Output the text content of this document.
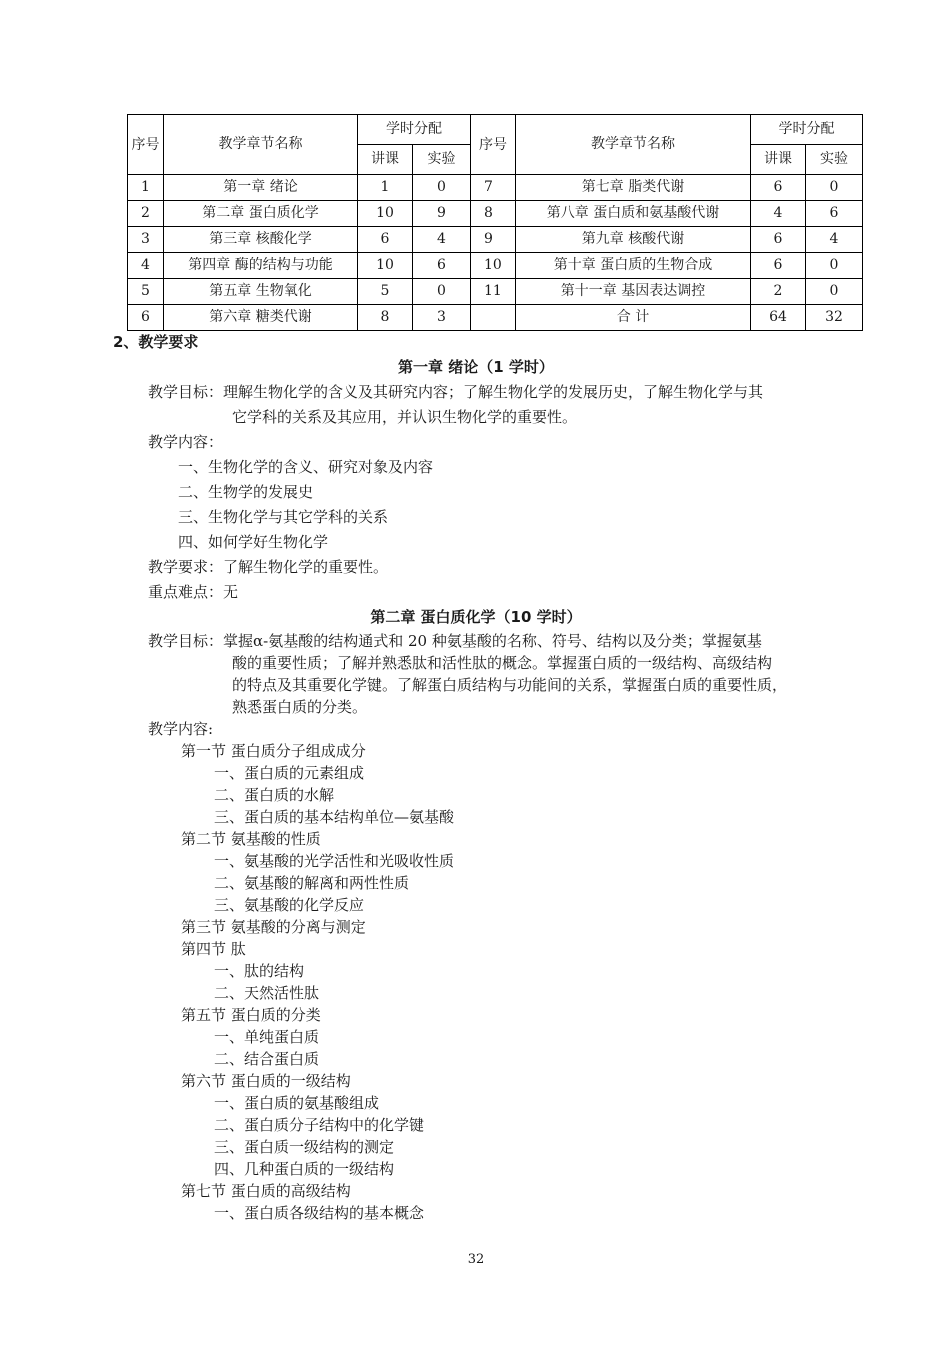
序号	教学章节名称	学时分配		序号	教学章节名称	学时分配	
		讲课	实验			讲课	实验
1	第一章 绪论	1	0	7	第七章 脂类代谢	6	0
2	第二章 蛋白质化学	10	9	8	第八章 蛋白质和氨基酸代谢	4	6
3	第三章 核酸化学	6	4	9	第九章 核酸代谢	6	4
4	第四章 酶的结构与功能	10	6	10	第十章 蛋白质的生物合成	6	0
5	第五章 生物氧化	5	0	11	第十一章 基因表达调控	2	0
6	第六章 糖类代谢	8	3		合 计	64	32
2、教学要求
第一章 绪论（1 学时）
教学目标：理解生物化学的含义及其研究内容；了解生物化学的发展历史，了解生物化学与其
它学科的关系及其应用，并认识生物化学的重要性。
教学内容：
一、生物化学的含义、研究对象及内容
二、生物学的发展史
三、生物化学与其它学科的关系
四、如何学好生物化学
教学要求：了解生物化学的重要性。
重点难点：无
第二章 蛋白质化学（10 学时）
教学目标：掌握α-氨基酸的结构通式和 20 种氨基酸的名称、符号、结构以及分类；掌握氨基
酸的重要性质；了解并熟悉肽和活性肽的概念。掌握蛋白质的一级结构、高级结构
的特点及其重要化学键。了解蛋白质结构与功能间的关系，掌握蛋白质的重要性质，
熟悉蛋白质的分类。
教学内容:
第一节 蛋白质分子组成成分
一、蛋白质的元素组成
二、蛋白质的水解
三、蛋白质的基本结构单位—氨基酸
第二节 氨基酸的性质
一、氨基酸的光学活性和光吸收性质
二、氨基酸的解离和两性性质
三、氨基酸的化学反应
第三节 氨基酸的分离与测定
第四节 肽
一、肽的结构
二、天然活性肽
第五节 蛋白质的分类
一、单纯蛋白质
二、结合蛋白质
第六节 蛋白质的一级结构
一、蛋白质的氨基酸组成
二、蛋白质分子结构中的化学键
三、蛋白质一级结构的测定
四、几种蛋白质的一级结构
第七节 蛋白质的高级结构
一、蛋白质各级结构的基本概念
32
